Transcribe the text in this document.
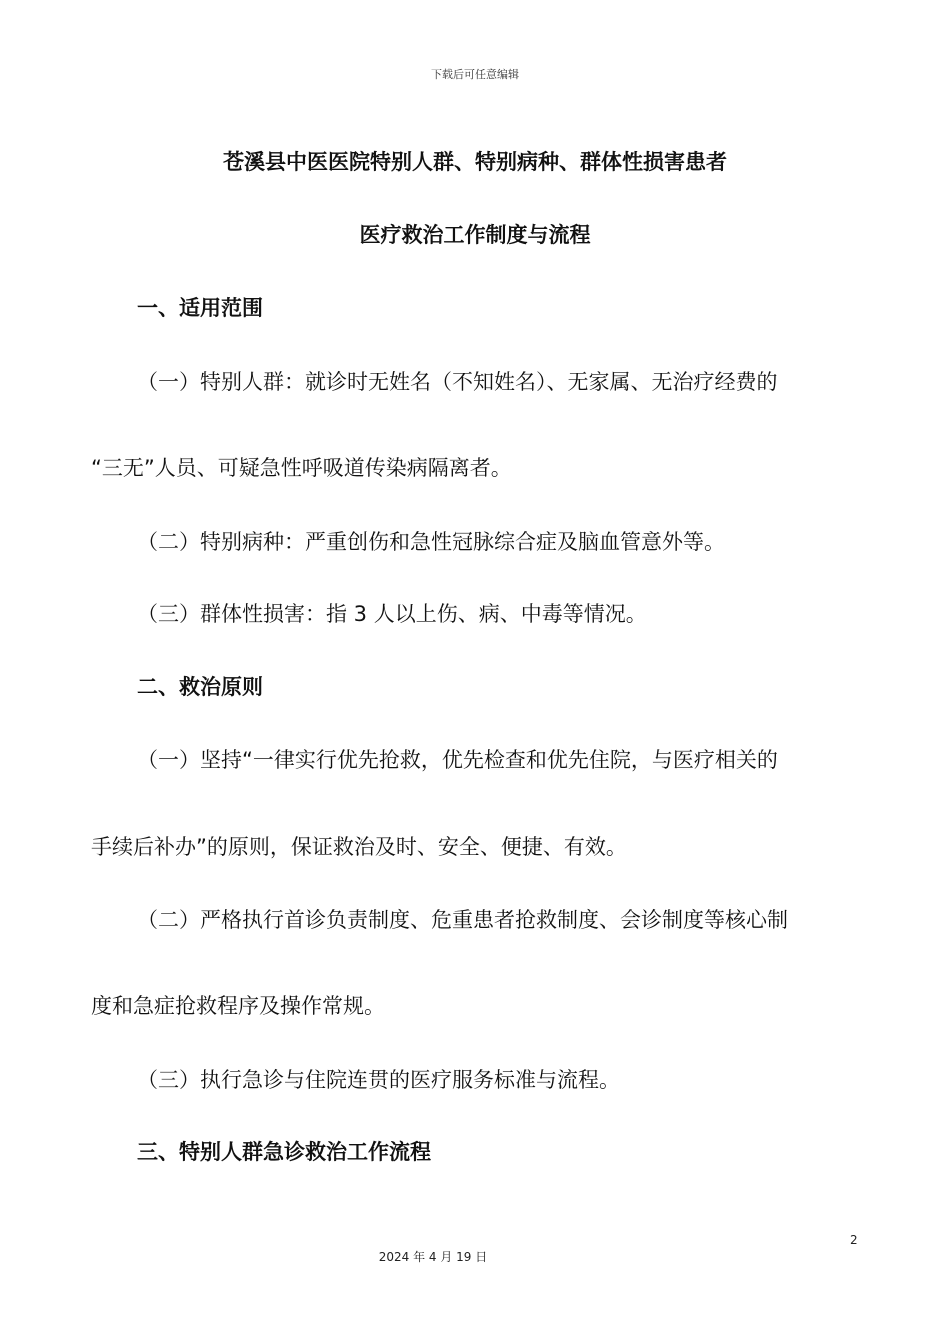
下载后可任意编辑
苍溪县中医医院特别人群、特别病种、群体性损害患者
医疗救治工作制度与流程
一、适用范围
（一）特别人群：就诊时无姓名（不知姓名）、无家属、无治疗经费的
“三无”人员、可疑急性呼吸道传染病隔离者。
（二）特别病种：严重创伤和急性冠脉综合症及脑血管意外等。
（三）群体性损害：指 3 人以上伤、病、中毒等情况。
二、救治原则
（一）坚持“一律实行优先抢救，优先检查和优先住院，与医疗相关的
手续后补办”的原则，保证救治及时、安全、便捷、有效。
（二）严格执行首诊负责制度、危重患者抢救制度、会诊制度等核心制
度和急症抢救程序及操作常规。
（三）执行急诊与住院连贯的医疗服务标准与流程。
三、特别人群急诊救治工作流程
2
2024 年 4 月 19 日
